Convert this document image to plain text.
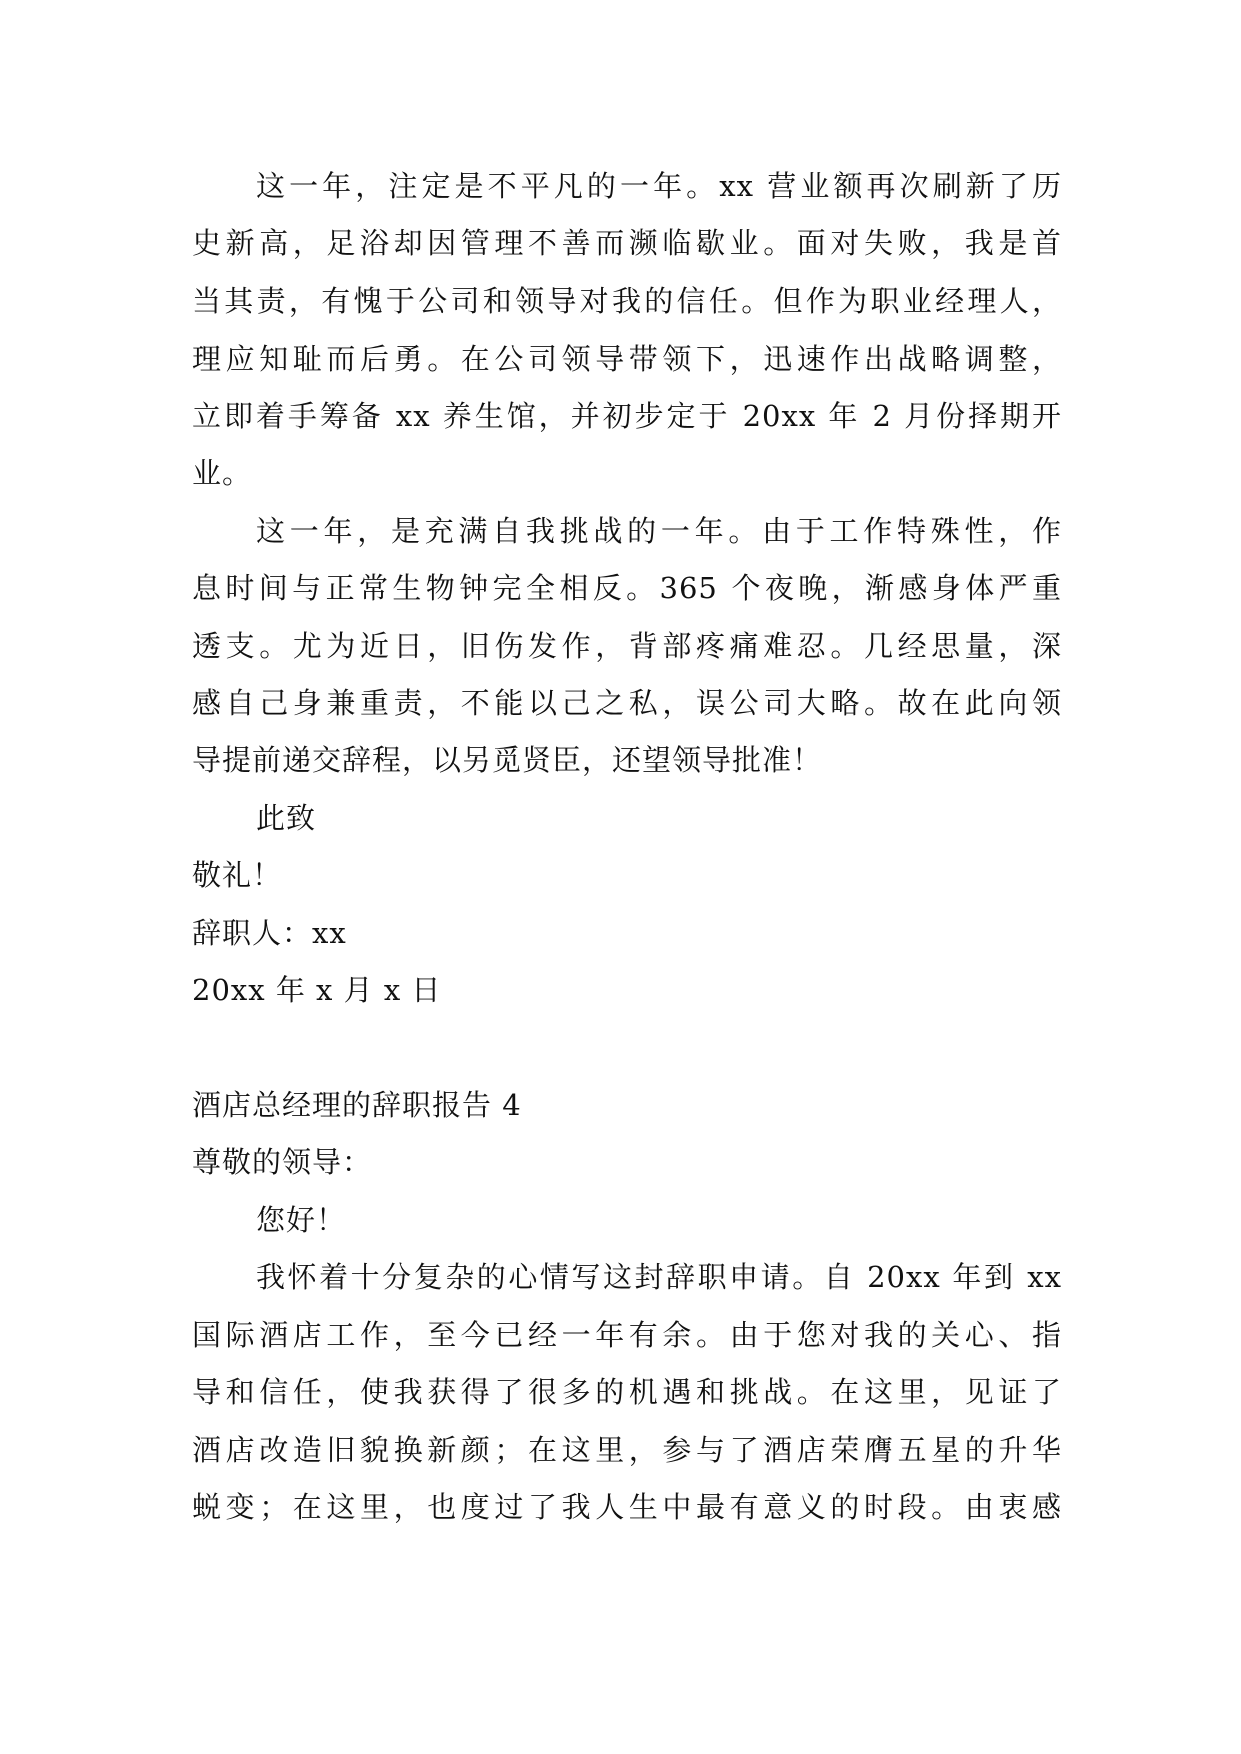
这一年，注定是不平凡的一年。xx 营业额再次刷新了历
史新高，足浴却因管理不善而濒临歇业。面对失败，我是首
当其责，有愧于公司和领导对我的信任。但作为职业经理人，
理应知耻而后勇。在公司领导带领下，迅速作出战略调整，
立即着手筹备 xx 养生馆，并初步定于 20xx 年 2 月份择期开
业。
这一年，是充满自我挑战的一年。由于工作特殊性，作
息时间与正常生物钟完全相反。365 个夜晚，渐感身体严重
透支。尤为近日，旧伤发作，背部疼痛难忍。几经思量，深
感自己身兼重责，不能以己之私，误公司大略。故在此向领
导提前递交辞程，以另觅贤臣，还望领导批准！
此致
敬礼！
辞职人：xx
20xx 年 x 月 x 日
酒店总经理的辞职报告 4
尊敬的领导：
您好！
我怀着十分复杂的心情写这封辞职申请。自 20xx 年到 xx
国际酒店工作，至今已经一年有余。由于您对我的关心、指
导和信任，使我获得了很多的机遇和挑战。在这里，见证了
酒店改造旧貌换新颜；在这里，参与了酒店荣膺五星的升华
蜕变；在这里，也度过了我人生中最有意义的时段。由衷感
